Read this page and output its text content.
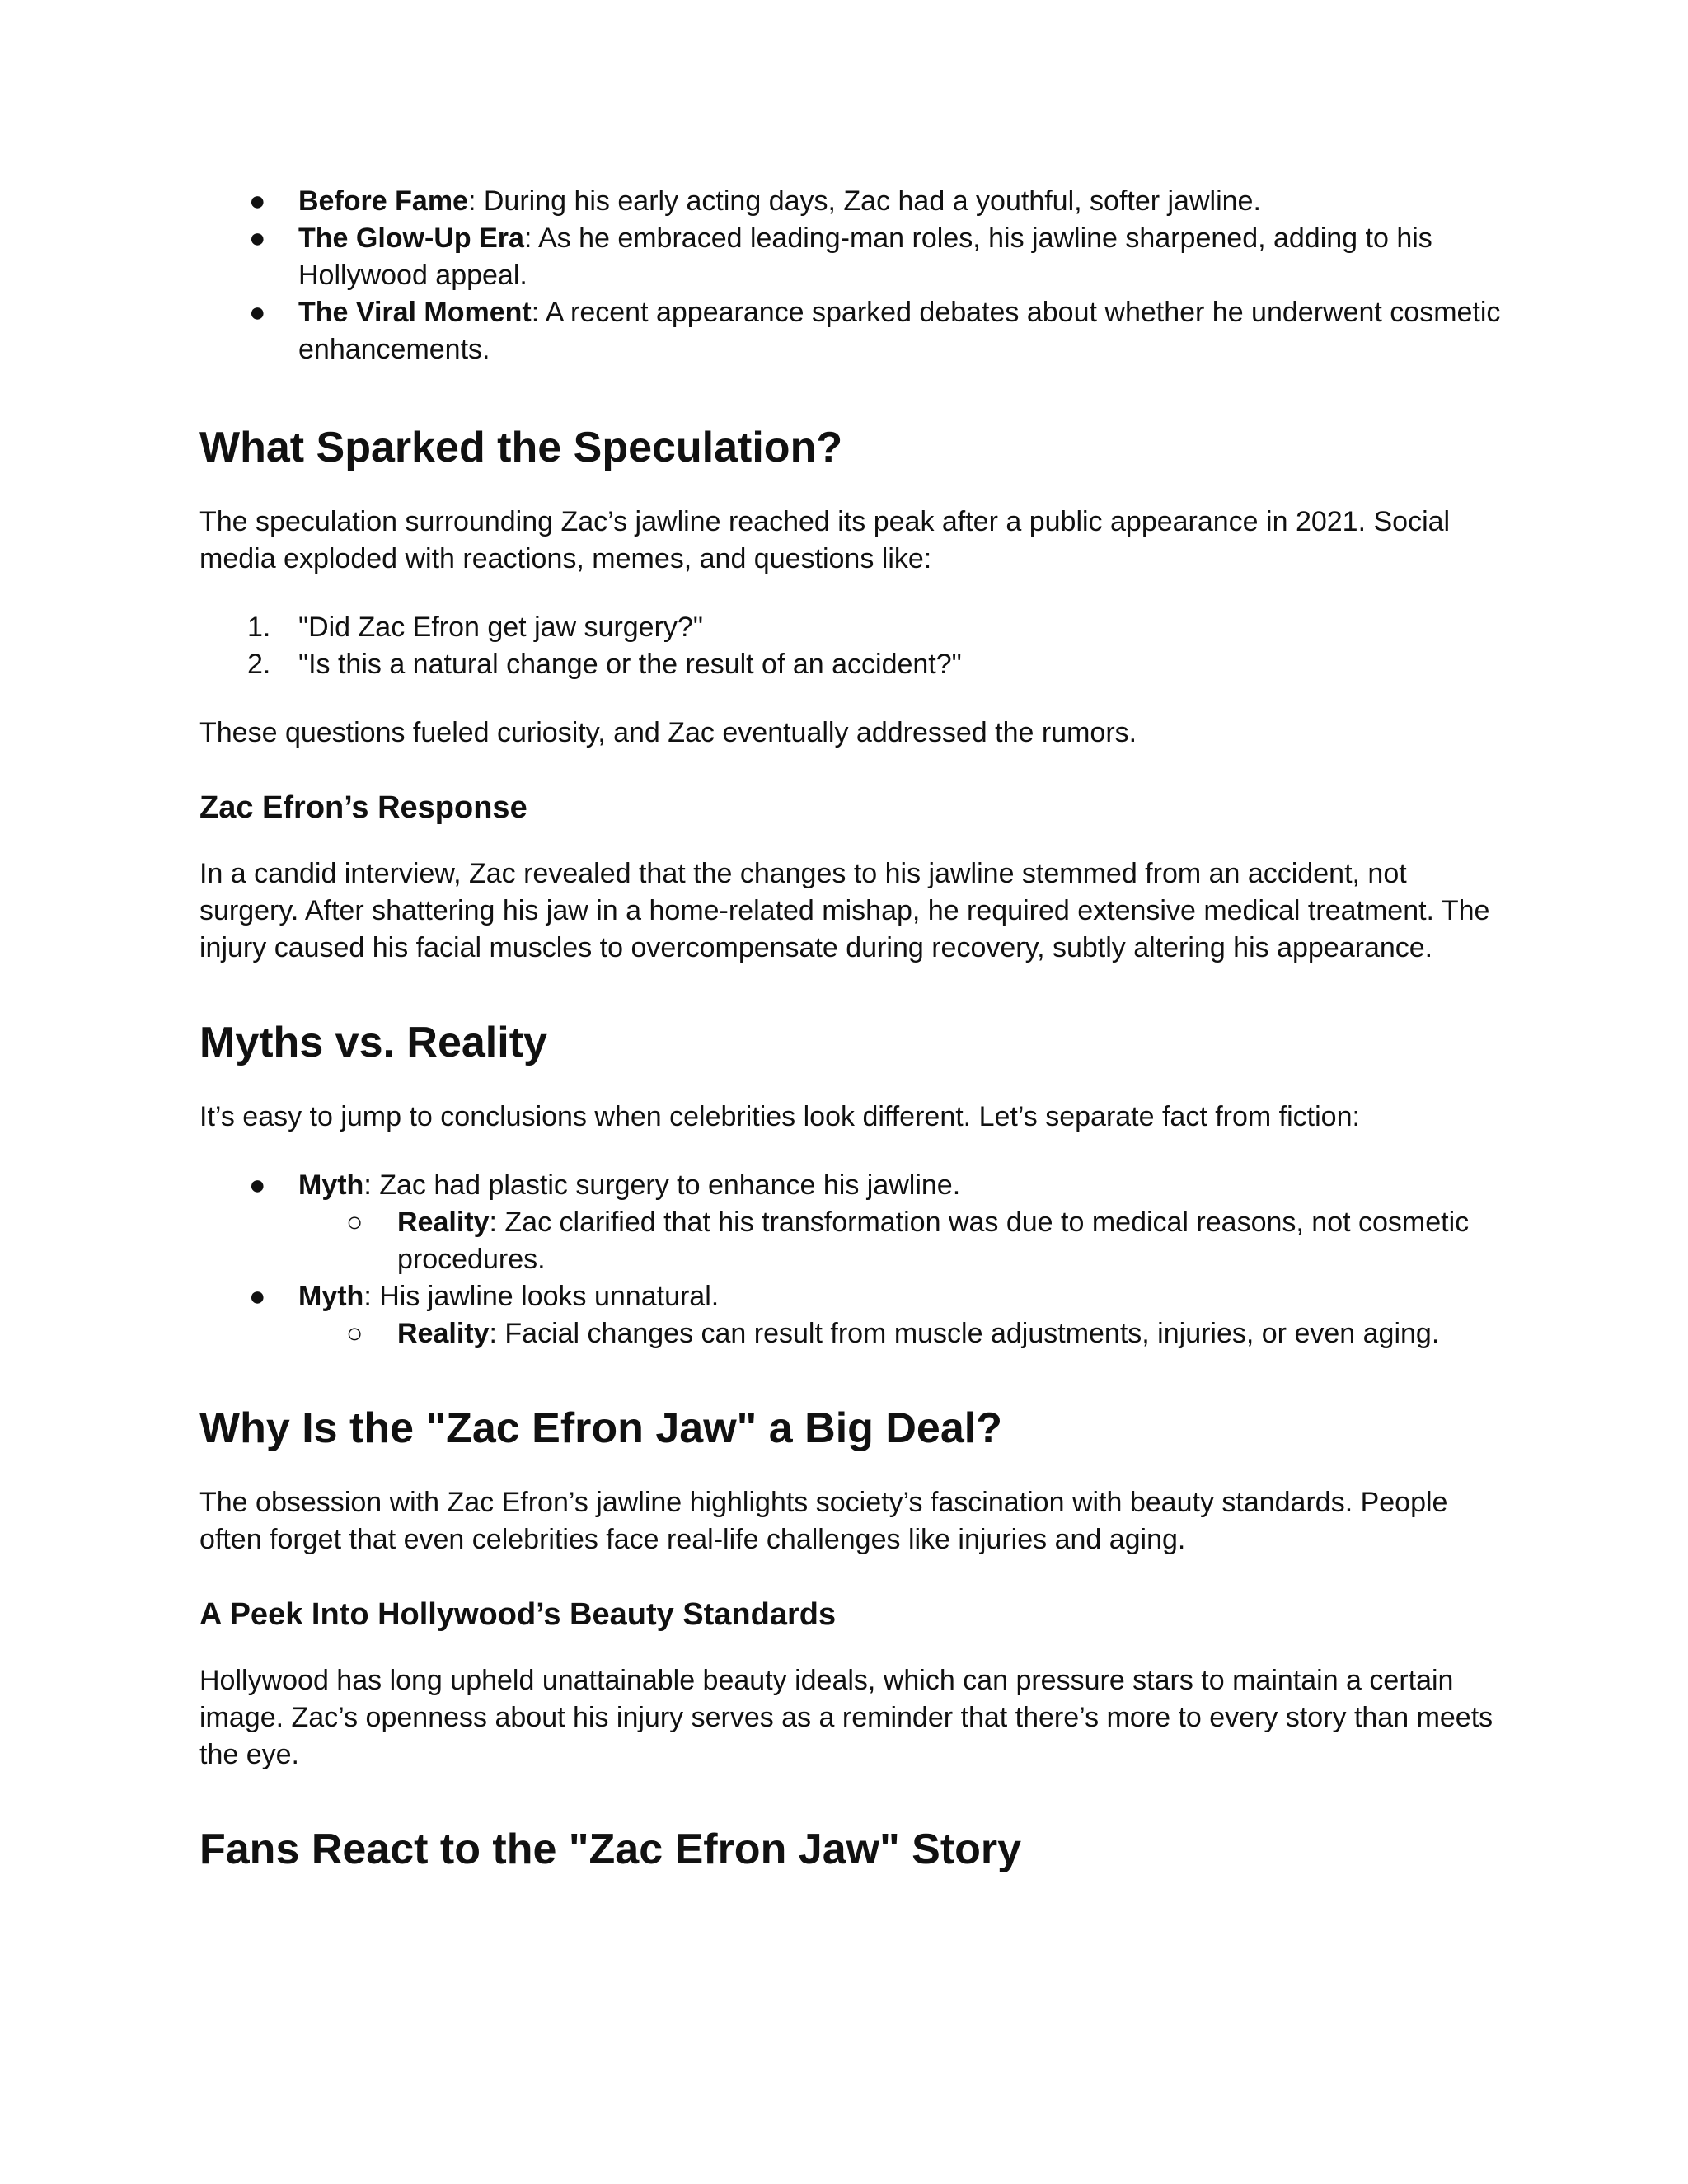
●	Before Fame: During his early acting days, Zac had a youthful, softer jawline.
●	The Glow-Up Era: As he embraced leading-man roles, his jawline sharpened, adding to his Hollywood appeal.
●	The Viral Moment: A recent appearance sparked debates about whether he underwent cosmetic enhancements.
What Sparked the Speculation?

The speculation surrounding Zac’s jawline reached its peak after a public appearance in 2021. Social media exploded with reactions, memes, and questions like:

1. "Did Zac Efron get jaw surgery?"
2. "Is this a natural change or the result of an accident?"

These questions fueled curiosity, and Zac eventually addressed the rumors.

Zac Efron’s Response

In a candid interview, Zac revealed that the changes to his jawline stemmed from an accident, not surgery. After shattering his jaw in a home-related mishap, he required extensive medical treatment. The injury caused his facial muscles to overcompensate during recovery, subtly altering his appearance.

Myths vs. Reality

It’s easy to jump to conclusions when celebrities look different. Let’s separate fact from fiction:

●	Myth: Zac had plastic surgery to enhance his jawline.
○	Reality: Zac clarified that his transformation was due to medical reasons, not cosmetic procedures.
●	Myth: His jawline looks unnatural.
○	Reality: Facial changes can result from muscle adjustments, injuries, or even aging.
Why Is the "Zac Efron Jaw" a Big Deal?

The obsession with Zac Efron’s jawline highlights society’s fascination with beauty standards. People often forget that even celebrities face real-life challenges like injuries and aging.

A Peek Into Hollywood’s Beauty Standards

Hollywood has long upheld unattainable beauty ideals, which can pressure stars to maintain a certain image. Zac’s openness about his injury serves as a reminder that there’s more to every story than meets the eye.

Fans React to the "Zac Efron Jaw" Story
